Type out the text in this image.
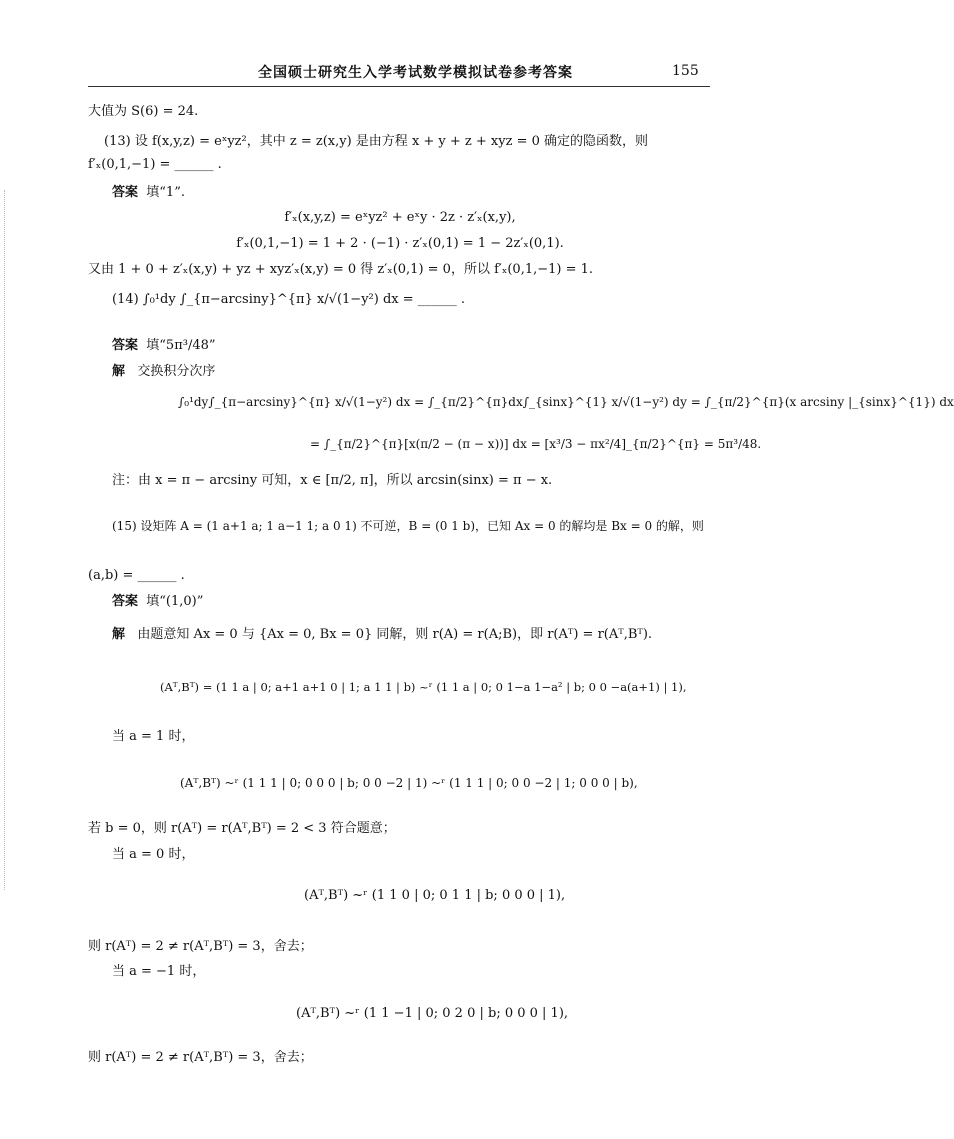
全国硕士研究生入学考试数学模拟试卷参考答案	155
大值为 S(6) = 24.
(13) 设 f(x,y,z) = eˣyz²，其中 z = z(x,y) 是由方程 x + y + z + xyz = 0 确定的隐函数，则
f′ₓ(0,1,−1) = ______ .
答案 填“1”.
f′ₓ(x,y,z) = eˣyz² + eˣy · 2z · z′ₓ(x,y),
f′ₓ(0,1,−1) = 1 + 2 · (−1) · z′ₓ(0,1) = 1 − 2z′ₓ(0,1).
又由 1 + 0 + z′ₓ(x,y) + yz + xyz′ₓ(x,y) = 0 得 z′ₓ(0,1) = 0，所以 f′ₓ(0,1,−1) = 1.
(14) ∫₀¹dy ∫_{π−arcsiny}^{π} x/√(1−y²) dx = ______ .
答案 填“5π³/48”
解 交换积分次序
∫₀¹dy∫_{π−arcsiny}^{π} x/√(1−y²) dx = ∫_{π/2}^{π}dx∫_{sinx}^{1} x/√(1−y²) dy = ∫_{π/2}^{π}(x arcsiny |_{sinx}^{1}) dx
= ∫_{π/2}^{π}[x(π/2 − (π − x))] dx = [x³/3 − πx²/4]_{π/2}^{π} = 5π³/48.
注：由 x = π − arcsiny 可知，x ∈ [π/2, π]，所以 arcsin(sinx) = π − x.
(15) 设矩阵 A = (1 a+1 a; 1 a−1 1; a 0 1) 不可逆，B = (0 1 b)，已知 Ax = 0 的解均是 Bx = 0 的解，则
(a,b) = ______ .
答案 填“(1,0)”
解 由题意知 Ax = 0 与 {Ax = 0, Bx = 0} 同解，则 r(A) = r(A;B)，即 r(Aᵀ) = r(Aᵀ,Bᵀ).
(Aᵀ,Bᵀ) = (1 1 a | 0; a+1 a+1 0 | 1; a 1 1 | b) ~ʳ (1 1 a | 0; 0 1−a 1−a² | b; 0 0 −a(a+1) | 1),
当 a = 1 时，
(Aᵀ,Bᵀ) ~ʳ (1 1 1 | 0; 0 0 0 | b; 0 0 −2 | 1) ~ʳ (1 1 1 | 0; 0 0 −2 | 1; 0 0 0 | b),
若 b = 0，则 r(Aᵀ) = r(Aᵀ,Bᵀ) = 2 < 3 符合题意；
当 a = 0 时，
(Aᵀ,Bᵀ) ~ʳ (1 1 0 | 0; 0 1 1 | b; 0 0 0 | 1),
则 r(Aᵀ) = 2 ≠ r(Aᵀ,Bᵀ) = 3，舍去；
当 a = −1 时，
(Aᵀ,Bᵀ) ~ʳ (1 1 −1 | 0; 0 2 0 | b; 0 0 0 | 1),
则 r(Aᵀ) = 2 ≠ r(Aᵀ,Bᵀ) = 3，舍去；
